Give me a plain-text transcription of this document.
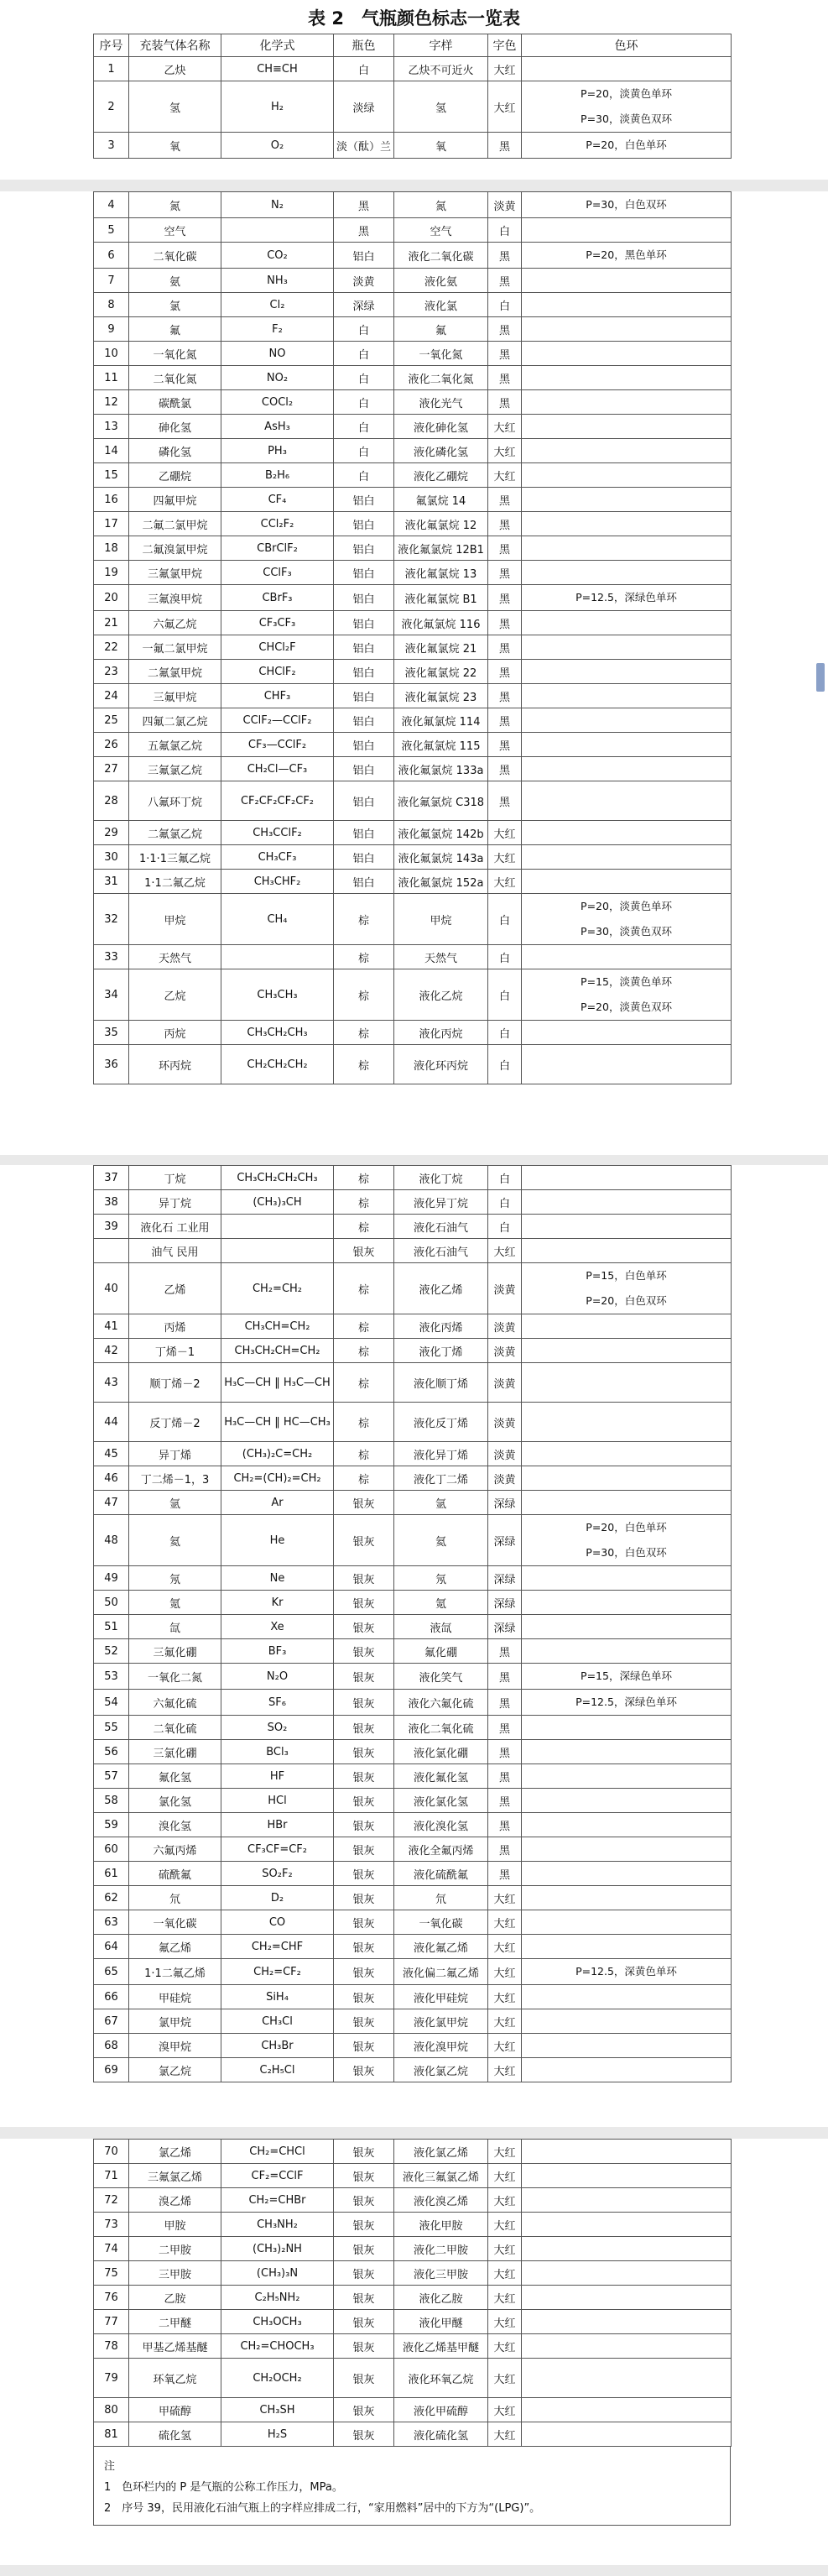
表 2　气瓶颜色标志一览表
序号	充装气体名称	化学式	瓶色	字样	字色	色环
1	乙炔	CH≡CH	白	乙炔不可近火	大红	
2	氢	H₂	淡绿	氢	大红	P=20，淡黄色单环
P=30，淡黄色双环

3	氧	O₂	淡（酞）兰	氧	黑	P=20，白色单环
4	氮	N₂	黑	氮	淡黄	P=30，白色双环

5	空气		黑	空气	白	
6	二氧化碳	CO₂	铝白	液化二氧化碳	黑	P=20，黑色单环

7	氨	NH₃	淡黄	液化氨	黑	
8	氯	Cl₂	深绿	液化氯	白	
9	氟	F₂	白	氟	黑	
10	一氧化氮	NO	白	一氧化氮	黑	
11	二氧化氮	NO₂	白	液化二氧化氮	黑	
12	碳酰氯	COCl₂	白	液化光气	黑	
13	砷化氢	AsH₃	白	液化砷化氢	大红	
14	磷化氢	PH₃	白	液化磷化氢	大红	
15	乙硼烷	B₂H₆	白	液化乙硼烷	大红	
16	四氟甲烷	CF₄	铝白	氟氯烷 14	黑	
17	二氟二氯甲烷	CCl₂F₂	铝白	液化氟氯烷 12	黑	
18	二氟溴氯甲烷	CBrClF₂	铝白	液化氟氯烷 12B1	黑	
19	三氟氯甲烷	CClF₃	铝白	液化氟氯烷 13	黑	
20	三氟溴甲烷	CBrF₃	铝白	液化氟氯烷 B1	黑	P=12.5，深绿色单环

21	六氟乙烷	CF₃CF₃	铝白	液化氟氯烷 116	黑	
22	一氟二氯甲烷	CHCl₂F	铝白	液化氟氯烷 21	黑	
23	二氟氯甲烷	CHClF₂	铝白	液化氟氯烷 22	黑	
24	三氟甲烷	CHF₃	铝白	液化氟氯烷 23	黑	
25	四氟二氯乙烷	CClF₂—CClF₂	铝白	液化氟氯烷 114	黑	
26	五氟氯乙烷	CF₃—CClF₂	铝白	液化氟氯烷 115	黑	
27	三氟氯乙烷	CH₂Cl—CF₃	铝白	液化氟氯烷 133a	黑	
28	八氟环丁烷	CF₂CF₂CF₂CF₂	铝白	液化氟氯烷 C318	黑	
29	二氟氯乙烷	CH₃CClF₂	铝白	液化氟氯烷 142b	大红	
30	1·1·1三氟乙烷	CH₃CF₃	铝白	液化氟氯烷 143a	大红	
31	1·1二氟乙烷	CH₃CHF₂	铝白	液化氟氯烷 152a	大红	
32	甲烷	CH₄	棕	甲烷	白	P=20，淡黄色单环
P=30，淡黄色双环

33	天然气		棕	天然气	白	
34	乙烷	CH₃CH₃	棕	液化乙烷	白	P=15，淡黄色单环
P=20，淡黄色双环

35	丙烷	CH₃CH₂CH₃	棕	液化丙烷	白	
36	环丙烷	CH₂CH₂CH₂	棕	液化环丙烷	白	
37	丁烷	CH₃CH₂CH₂CH₃	棕	液化丁烷	白	
38	异丁烷	(CH₃)₃CH	棕	液化异丁烷	白	
39	液化石 工业用		棕	液化石油气	白	
	油气 民用		银灰	液化石油气	大红	
40	乙烯	CH₂=CH₂	棕	液化乙烯	淡黄	P=15，白色单环
P=20，白色双环

41	丙烯	CH₃CH=CH₂	棕	液化丙烯	淡黄	
42	丁烯－1	CH₃CH₂CH=CH₂	棕	液化丁烯	淡黄	
43	顺丁烯－2	H₃C—CH ‖ H₃C—CH	棕	液化顺丁烯	淡黄	
44	反丁烯－2	H₃C—CH ‖ HC—CH₃	棕	液化反丁烯	淡黄	
45	异丁烯	(CH₃)₂C=CH₂	棕	液化异丁烯	淡黄	
46	丁二烯－1，3	CH₂=(CH)₂=CH₂	棕	液化丁二烯	淡黄	
47	氩	Ar	银灰	氩	深绿	
48	氦	He	银灰	氦	深绿	P=20，白色单环
P=30，白色双环

49	氖	Ne	银灰	氖	深绿	
50	氪	Kr	银灰	氪	深绿	
51	氙	Xe	银灰	液氙	深绿	
52	三氟化硼	BF₃	银灰	氟化硼	黑	
53	一氧化二氮	N₂O	银灰	液化笑气	黑	P=15，深绿色单环

54	六氟化硫	SF₆	银灰	液化六氟化硫	黑	P=12.5，深绿色单环

55	二氧化硫	SO₂	银灰	液化二氧化硫	黑	
56	三氯化硼	BCl₃	银灰	液化氯化硼	黑	
57	氟化氢	HF	银灰	液化氟化氢	黑	
58	氯化氢	HCl	银灰	液化氯化氢	黑	
59	溴化氢	HBr	银灰	液化溴化氢	黑	
60	六氟丙烯	CF₃CF=CF₂	银灰	液化全氟丙烯	黑	
61	硫酰氟	SO₂F₂	银灰	液化硫酰氟	黑	
62	氘	D₂	银灰	氘	大红	
63	一氧化碳	CO	银灰	一氧化碳	大红	
64	氟乙烯	CH₂=CHF	银灰	液化氟乙烯	大红	
65	1·1二氟乙烯	CH₂=CF₂	银灰	液化偏二氟乙烯	大红	P=12.5，深黄色单环

66	甲硅烷	SiH₄	银灰	液化甲硅烷	大红	
67	氯甲烷	CH₃Cl	银灰	液化氯甲烷	大红	
68	溴甲烷	CH₃Br	银灰	液化溴甲烷	大红	
69	氯乙烷	C₂H₅Cl	银灰	液化氯乙烷	大红	
70	氯乙烯	CH₂=CHCl	银灰	液化氯乙烯	大红	
71	三氟氯乙烯	CF₂=CClF	银灰	液化三氟氯乙烯	大红	
72	溴乙烯	CH₂=CHBr	银灰	液化溴乙烯	大红	
73	甲胺	CH₃NH₂	银灰	液化甲胺	大红	
74	二甲胺	(CH₃)₂NH	银灰	液化二甲胺	大红	
75	三甲胺	(CH₃)₃N	银灰	液化三甲胺	大红	
76	乙胺	C₂H₅NH₂	银灰	液化乙胺	大红	
77	二甲醚	CH₃OCH₃	银灰	液化甲醚	大红	
78	甲基乙烯基醚	CH₂=CHOCH₃	银灰	液化乙烯基甲醚	大红	
79	环氧乙烷	CH₂OCH₂	银灰	液化环氧乙烷	大红	
80	甲硫醇	CH₃SH	银灰	液化甲硫醇	大红	
81	硫化氢	H₂S	银灰	液化硫化氢	大红	

注

1　色环栏内的 P 是气瓶的公称工作压力，MPa。

2　序号 39，民用液化石油气瓶上的字样应排成二行，“家用燃料”居中的下方为“(LPG)”。
